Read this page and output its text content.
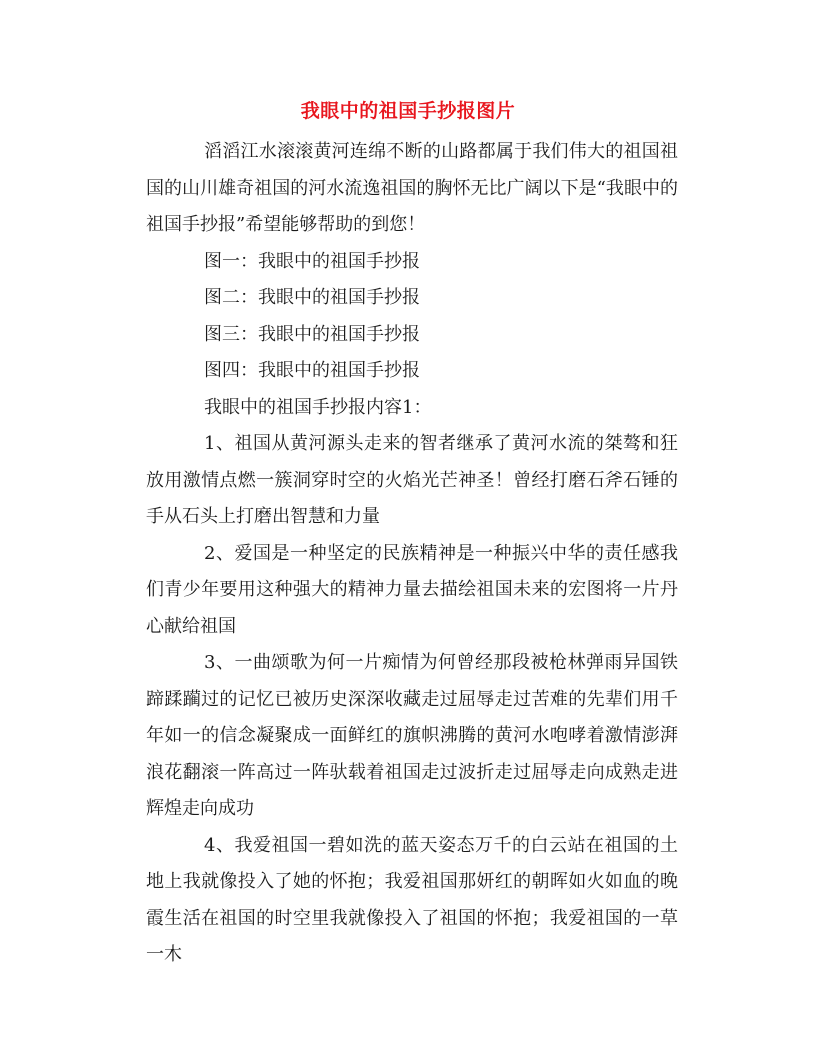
我眼中的祖国手抄报图片

滔滔江水滚滚黄河连绵不断的山路都属于我们伟大的祖国祖国的山川雄奇祖国的河水流逸祖国的胸怀无比广阔以下是“我眼中的祖国手抄报”希望能够帮助的到您！

图一：我眼中的祖国手抄报

图二：我眼中的祖国手抄报

图三：我眼中的祖国手抄报

图四：我眼中的祖国手抄报

我眼中的祖国手抄报内容1：

1、祖国从黄河源头走来的智者继承了黄河水流的桀骜和狂放用激情点燃一簇洞穿时空的火焰光芒神圣！曾经打磨石斧石锤的手从石头上打磨出智慧和力量

2、爱国是一种坚定的民族精神是一种振兴中华的责任感我们青少年要用这种强大的精神力量去描绘祖国未来的宏图将一片丹心献给祖国

3、一曲颂歌为何一片痴情为何曾经那段被枪林弹雨异国铁蹄蹂躏过的记忆已被历史深深收藏走过屈辱走过苦难的先辈们用千年如一的信念凝聚成一面鲜红的旗帜沸腾的黄河水咆哮着激情澎湃浪花翻滚一阵高过一阵驮载着祖国走过波折走过屈辱走向成熟走进辉煌走向成功

4、我爱祖国一碧如洗的蓝天姿态万千的白云站在祖国的土地上我就像投入了她的怀抱；我爱祖国那妍红的朝晖如火如血的晚霞生活在祖国的时空里我就像投入了祖国的怀抱；我爱祖国的一草一木
